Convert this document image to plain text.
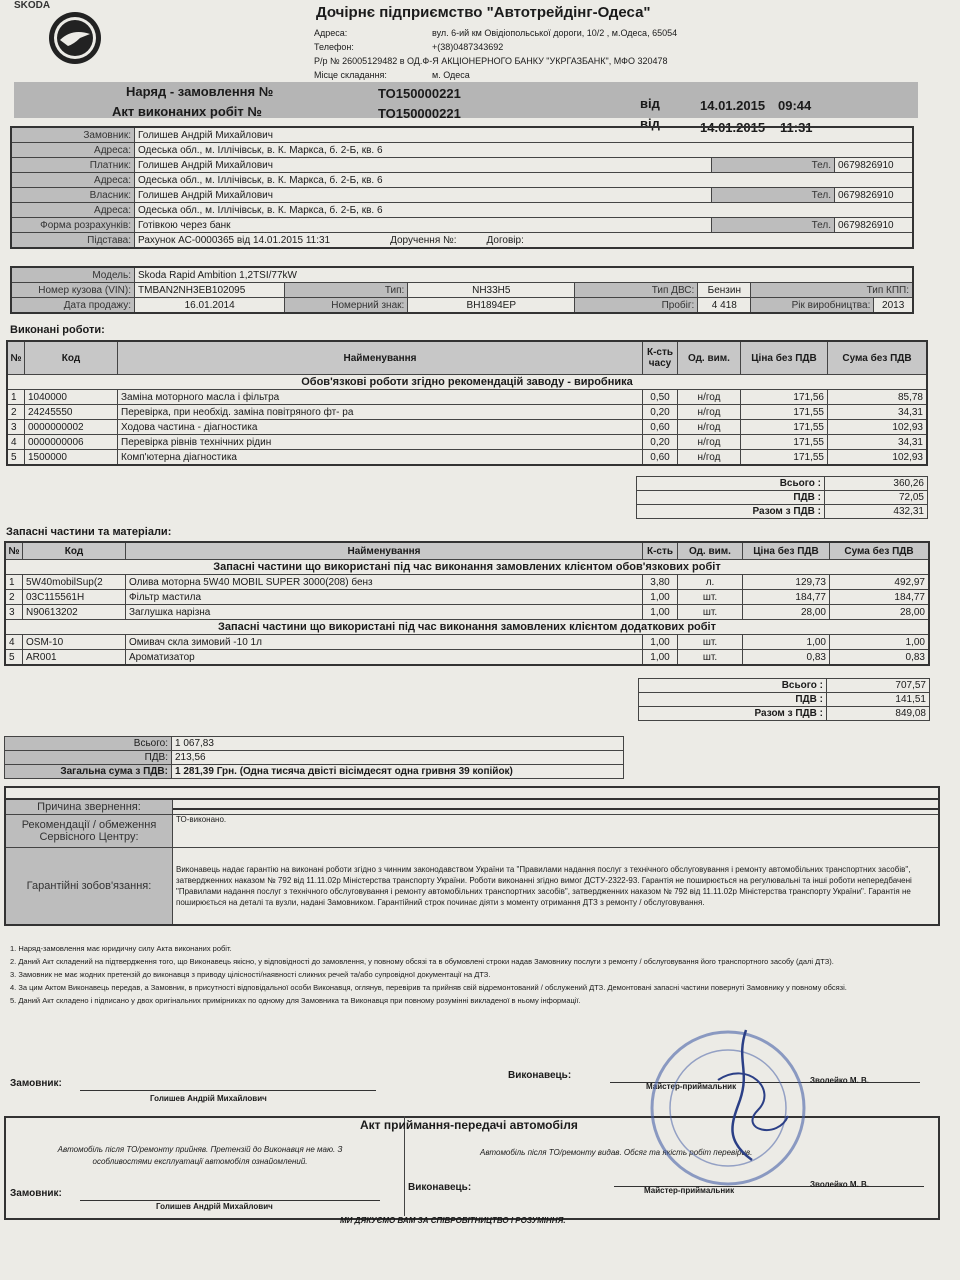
SKODA	Дочірнє підприємство "Автотрейдінг-Одеса"
Адреса:	вул. 6-ий км Овідіопольської дороги, 10/2 , м.Одеса, 65054
Телефон:	+(38)0487343692
Р/р № 26005129482 в ОД.Ф-Я АКЦІОНЕРНОГО БАНКУ "УКРГАЗБАНК", МФО 320478
Місце складання:	м. Одеса
Наряд - замовлення №	ТО150000221
від	14.01.2015 09:44
Акт виконаних робіт №	ТО150000221
від	14.01.2015 11:31
Замовник:	Голишев Андрій Михайлович		
Адреса:	Одеська обл., м. Іллічівськ, в. К. Маркса, б. 2-Б, кв. 6		
Платник:	Голишев Андрій Михайлович	Тел.	0679826910
Адреса:	Одеська обл., м. Іллічівськ, в. К. Маркса, б. 2-Б, кв. 6		
Власник:	Голишев Андрій Михайлович	Тел.	0679826910
Адреса:	Одеська обл., м. Іллічівськ, в. К. Маркса, б. 2-Б, кв. 6		
Форма розрахунків:	Готівкою через банк	Тел.	0679826910
Підстава:	Рахунок АС-0000365 від 14.01.2015 11:31 Доручення №: Договір:		
Модель:	Skoda Rapid Ambition 1,2TSI/77kW						
Номер кузова (VIN):	TMBAN2NH3EB102095	Тип:	NH33H5	Тип ДВС:	Бензин	Тип КПП:	
Дата продажу:	16.01.2014	Номерний знак:	ВН1894ЕР	Пробіг:	4 418	Рік виробництва:	2013
Виконані роботи:
№	Код	Найменування	К-сть часу	Од. вим.	Ціна без ПДВ	Сума без ПДВ
Обов'язкові роботи згідно рекомендацій заводу - виробника						
1	1040000	Заміна моторного масла і фільтра	0,50	н/год	171,56	85,78
2	24245550	Перевірка, при необхід. заміна повітряного фт- ра	0,20	н/год	171,55	34,31
3	0000000002	Ходова частина - діагностика	0,60	н/год	171,55	102,93
4	0000000006	Перевірка рівнів технічних рідин	0,20	н/год	171,55	34,31
5	1500000	Комп'ютерна діагностика	0,60	н/год	171,55	102,93
Всього :	360,26
ПДВ :	72,05
Разом з ПДВ :	432,31
Запасні частини та матеріали:
№	Код	Найменування	К-сть	Од. вим.	Ціна без ПДВ	Сума без ПДВ
Запасні частини що використані під час виконання замовлених клієнтом обов'язкових робіт						
1	5W40mobilSup(2	Олива моторна 5W40 MOBIL SUPER 3000(208) бенз	3,80	л.	129,73	492,97
2	03C115561H	Фільтр мастила	1,00	шт.	184,77	184,77
3	N90613202	Заглушка нарізна	1,00	шт.	28,00	28,00
Запасні частини що використані під час виконання замовлених клієнтом додаткових робіт						
4	OSM-10	Омивач скла зимовий -10 1л	1,00	шт.	1,00	1,00
5	AR001	Ароматизатор	1,00	шт.	0,83	0,83
Всього :	707,57
ПДВ :	141,51
Разом з ПДВ :	849,08
Всього:	1 067,83
ПДВ:	213,56
Загальна сума з ПДВ:	1 281,39 Грн. (Одна тисяча двісті вісімдесят одна гривня 39 копійок)
Причина звернення:	
Рекомендації / обмеження Сервісного Центру:	ТО-виконано.
Гарантійні зобов'язання:	Виконавець надає гарантію на виконані роботи згідно з чинним законодавством України та "Правилами надання послуг з технічного обслуговування і ремонту автомобільних транспортних засобів", затвердженних наказом № 792 від 11.11.02р Міністерства транспорту України. Роботи виконанні згідно вимог ДСТУ-2322-93. Гарантія не поширюється на регулювальні та інші роботи непередбачені "Правилами надання послуг з технічного обслуговування і ремонту автомобільних транспортних засобів", затвердженних наказом № 792 від 11.11.02р Міністерства транспорту України". Гарантія не поширюється на деталі та вузли, надані Замовником. Гарантійний строк починає діяти з моменту отримання ДТЗ з ремонту / обслуговування.
1. Наряд-замовлення має юридичну силу Акта виконаних робіт.
2. Даний Акт складений на підтвердження того, що Виконавець якісно, у відповідності до замовлення, у повному обсязі та в обумовлені строки надав Замовнику послуги з ремонту / обслуговування його транспортного засобу (далі ДТЗ).
3. Замовник не має жодних претензій до виконавця з приводу цілісності/наявності сликних речей та/або супровідної документації на ДТЗ.
4. За цим Актом Виконавець передав, а Замовник, в присутності відповідальної особи Виконавця, оглянув, перевірив та прийняв свій відремонтований / обслужений ДТЗ. Демонтовані запасні частини повернуті Замовнику у повному обсязі.
5. Даний Акт складено і підписано у двох оригінальних примірниках по одному для Замовника та Виконавця при повному розумінні викладеної в ньому інформації.
Замовник:
Голишев Андрій Михайлович
Виконавець:
Майстер-приймальник
Зволейко М. В.
Акт приймання-передачі автомобіля
Автомобіль після ТО/ремонту прийняв. Претензій до Виконавця не маю. З особливостями експлуатації автомобіля ознайомлений.
Автомобіль після ТО/ремонту видав. Обсяг та якість робіт перевірив.
Замовник:
Голишев Андрій Михайлович
Виконавець:	Майстер-приймальник
Зволейко М. В.
МИ ДЯКУЄМО ВАМ ЗА СПІВРОБІТНИЦТВО І РОЗУМІННЯ.
